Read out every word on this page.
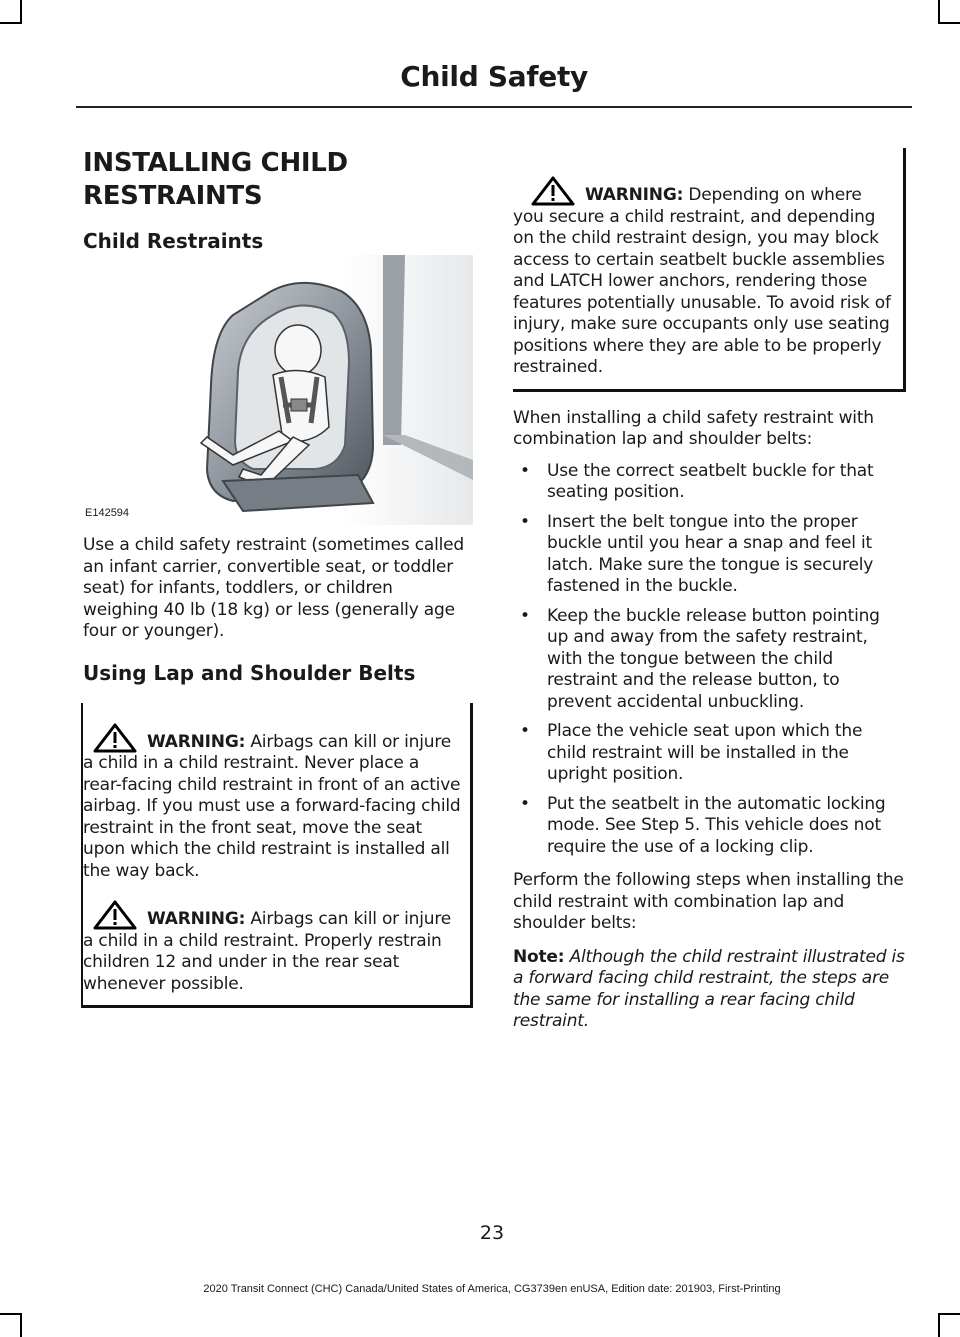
Child Safety
INSTALLING CHILD
RESTRAINTS
Child Restraints
E142594

Use a child safety restraint (sometimes called an infant carrier, convertible seat, or toddler seat) for infants, toddlers, or children weighing 40 lb (18 kg) or less (generally age four or younger).

Using Lap and Shoulder Belts

WARNING: Airbags can kill or injure a child in a child restraint. Never place a rear-facing child restraint in front of an active airbag. If you must use a forward-facing child restraint in the front seat, move the seat upon which the child restraint is installed all the way back.

WARNING: Airbags can kill or injure a child in a child restraint. Properly restrain children 12 and under in the rear seat whenever possible.

WARNING: Depending on where you secure a child restraint, and depending on the child restraint design, you may block access to certain seatbelt buckle assemblies and LATCH lower anchors, rendering those features potentially unusable. To avoid risk of injury, make sure occupants only use seating positions where they are able to be properly restrained.

When installing a child safety restraint with combination lap and shoulder belts:

• Use the correct seatbelt buckle for that seating position.
• Insert the belt tongue into the proper buckle until you hear a snap and feel it latch. Make sure the tongue is securely fastened in the buckle.
• Keep the buckle release button pointing up and away from the safety restraint, with the tongue between the child restraint and the release button, to prevent accidental unbuckling.
• Place the vehicle seat upon which the child restraint will be installed in the upright position.
• Put the seatbelt in the automatic locking mode. See Step 5. This vehicle does not require the use of a locking clip.

Perform the following steps when installing the child restraint with combination lap and shoulder belts:

Note: Although the child restraint illustrated is a forward facing child restraint, the steps are the same for installing a rear facing child restraint.

23
2020 Transit Connect (CHC) Canada/United States of America, CG3739en enUSA, Edition date: 201903, First-Printing
